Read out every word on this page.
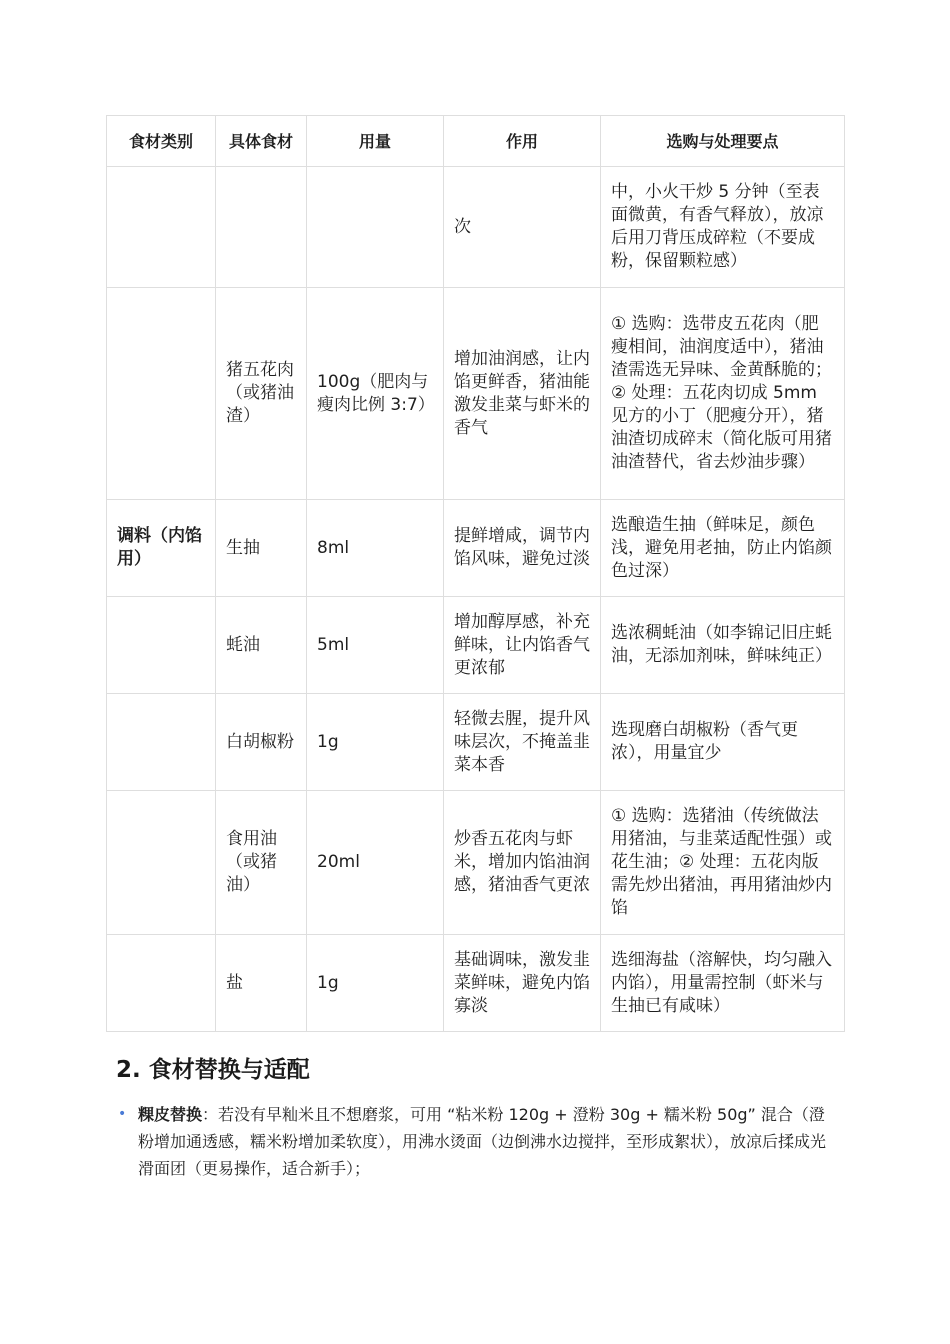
食材类别	具体食材	用量	作用	选购与处理要点
			次	中，小火干炒 5 分钟（至表面微黄，有香气释放），放凉后用刀背压成碎粒（不要成粉，保留颗粒感）
	猪五花肉（或猪油渣）	100g（肥肉与瘦肉比例 3:7）	增加油润感，让内馅更鲜香，猪油能激发韭菜与虾米的香气	① 选购：选带皮五花肉（肥瘦相间，油润度适中），猪油渣需选无异味、金黄酥脆的；② 处理：五花肉切成 5mm 见方的小丁（肥瘦分开），猪油渣切成碎末（简化版可用猪油渣替代，省去炒油步骤）
调料（内馅用）	生抽	8ml	提鲜增咸，调节内馅风味，避免过淡	选酿造生抽（鲜味足，颜色浅，避免用老抽，防止内馅颜色过深）
	蚝油	5ml	增加醇厚感，补充鲜味，让内馅香气更浓郁	选浓稠蚝油（如李锦记旧庄蚝油，无添加剂味，鲜味纯正）
	白胡椒粉	1g	轻微去腥，提升风味层次，不掩盖韭菜本香	选现磨白胡椒粉（香气更浓），用量宜少
	食用油（或猪油）	20ml	炒香五花肉与虾米，增加内馅油润感，猪油香气更浓	① 选购：选猪油（传统做法用猪油，与韭菜适配性强）或花生油；② 处理：五花肉版需先炒出猪油，再用猪油炒内馅
	盐	1g	基础调味，激发韭菜鲜味，避免内馅寡淡	选细海盐（溶解快，均匀融入内馅），用量需控制（虾米与生抽已有咸味）
2. 食材替换与适配
• 粿皮替换：若没有早籼米且不想磨浆，可用 “粘米粉 120g + 澄粉 30g + 糯米粉 50g” 混合（澄粉增加通透感，糯米粉增加柔软度），用沸水烫面（边倒沸水边搅拌，至形成絮状），放凉后揉成光滑面团（更易操作，适合新手）；
